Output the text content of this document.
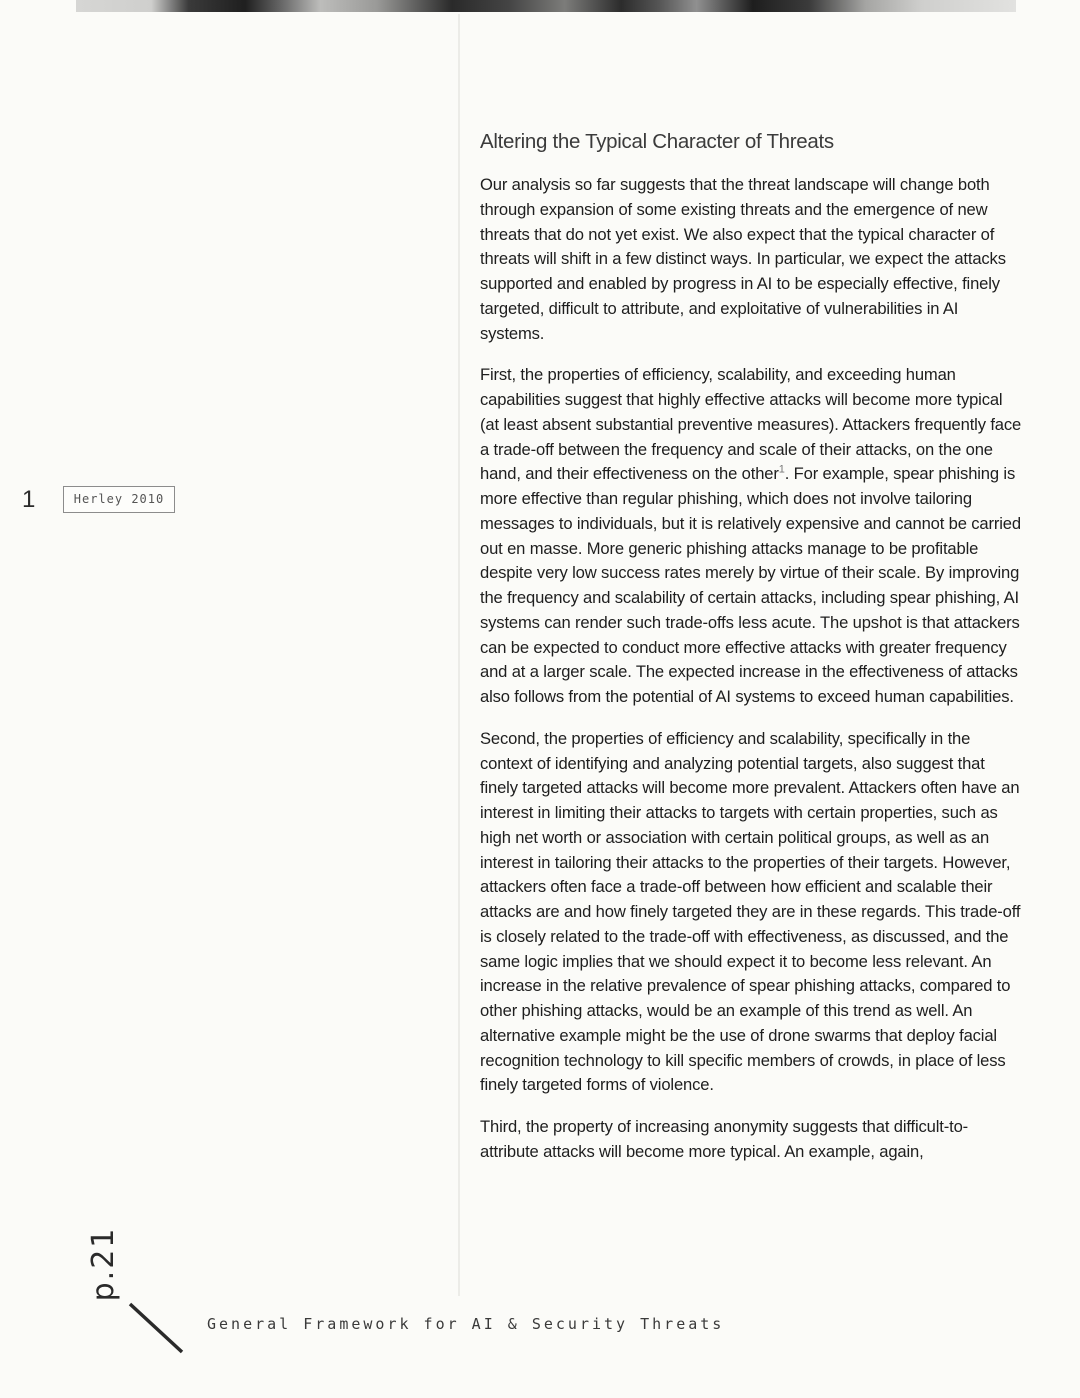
Altering the Typical Character of Threats

Our analysis so far suggests that the threat landscape will change both through expansion of some existing threats and the emergence of new threats that do not yet exist. We also expect that the typical character of threats will shift in a few distinct ways. In particular, we expect the attacks supported and enabled by progress in AI to be especially effective, finely targeted, difficult to attribute, and exploitative of vulnerabilities in AI systems.

First, the properties of efficiency, scalability, and exceeding human capabilities suggest that highly effective attacks will become more typical (at least absent substantial preventive measures). Attackers frequently face a trade-off between the frequency and scale of their attacks, on the one hand, and their effectiveness on the other$^1$. For example, spear phishing is more effective than regular phishing, which does not involve tailoring messages to individuals, but it is relatively expensive and cannot be carried out en masse. More generic phishing attacks manage to be profitable despite very low success rates merely by virtue of their scale. By improving the frequency and scalability of certain attacks, including spear phishing, AI systems can render such trade-offs less acute. The upshot is that attackers can be expected to conduct more effective attacks with greater frequency and at a larger scale. The expected increase in the effectiveness of attacks also follows from the potential of AI systems to exceed human capabilities.

Second, the properties of efficiency and scalability, specifically in the context of identifying and analyzing potential targets, also suggest that finely targeted attacks will become more prevalent. Attackers often have an interest in limiting their attacks to targets with certain properties, such as high net worth or association with certain political groups, as well as an interest in tailoring their attacks to the properties of their targets. However, attackers often face a trade-off between how efficient and scalable their attacks are and how finely targeted they are in these regards. This trade-off is closely related to the trade-off with effectiveness, as discussed, and the same logic implies that we should expect it to become less relevant. An increase in the relative prevalence of spear phishing attacks, compared to other phishing attacks, would be an example of this trend as well. An alternative example might be the use of drone swarms that deploy facial recognition technology to kill specific members of crowds, in place of less finely targeted forms of violence.

Third, the property of increasing anonymity suggests that difficult-to-attribute attacks will become more typical. An example, again,

1	Herley 2010
p.21
General Framework for AI & Security Threats
